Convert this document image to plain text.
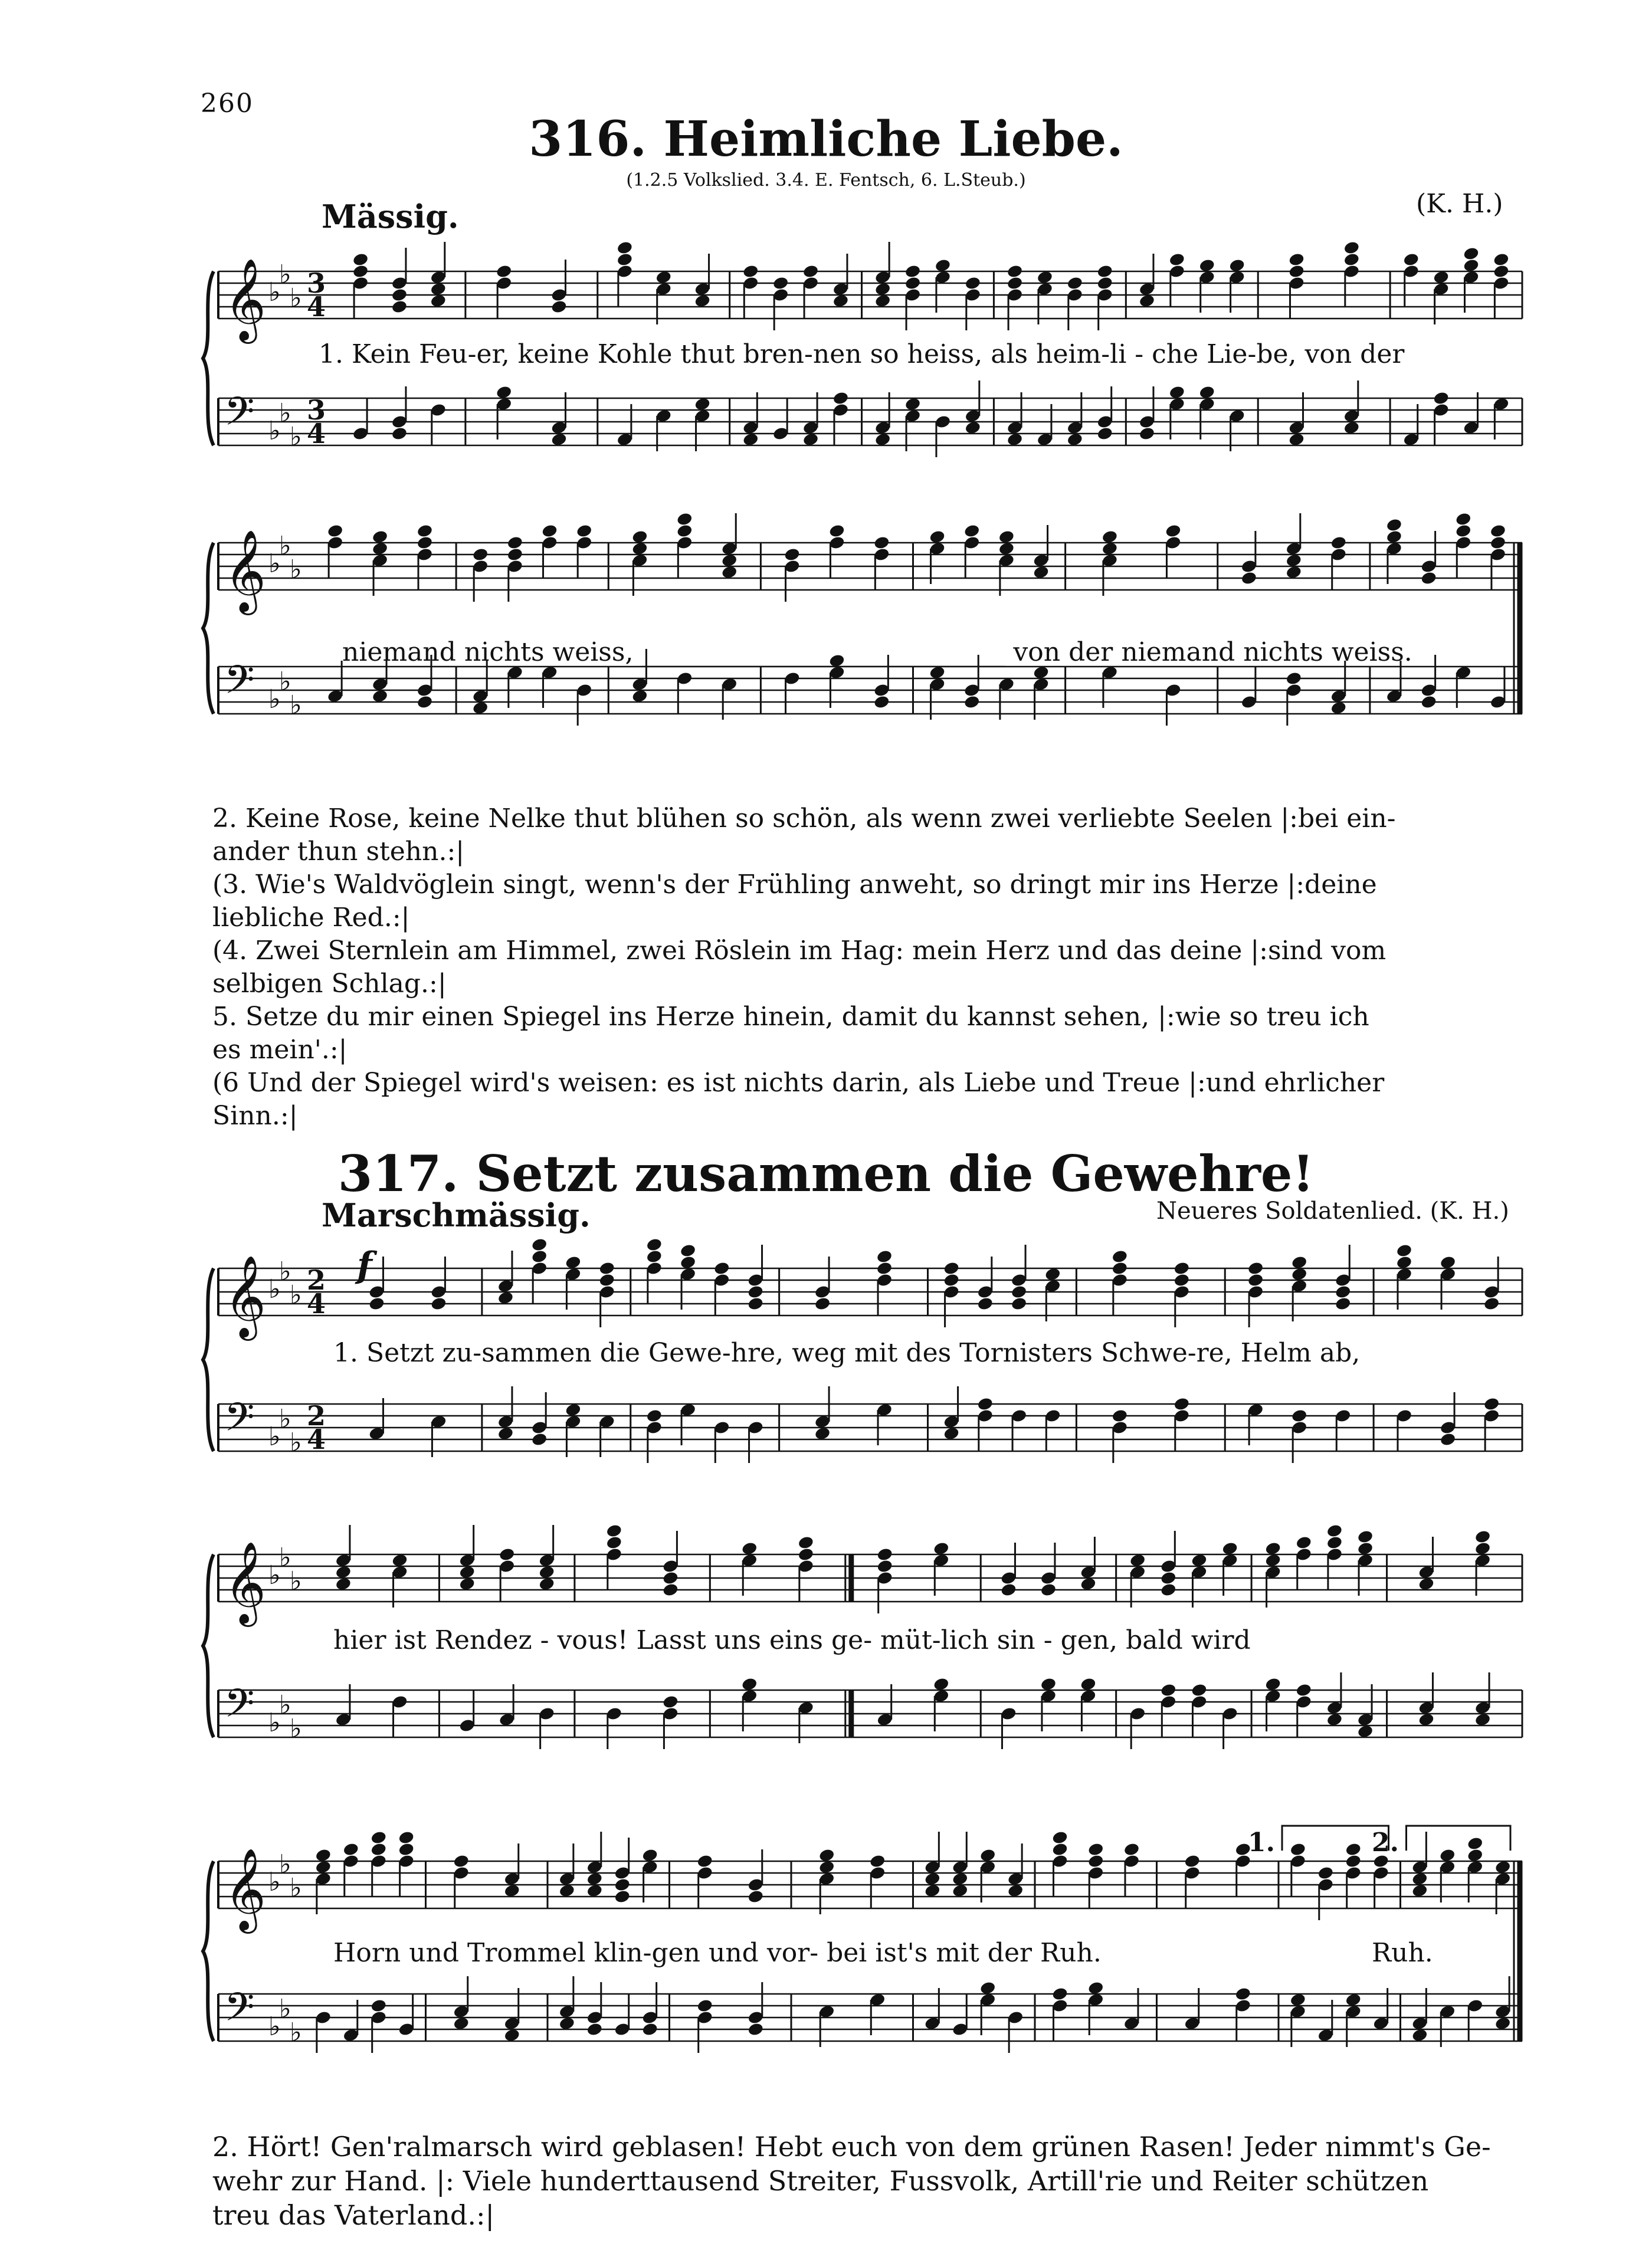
260
316. Heimliche Liebe.
(1.2.5 Volkslied. 3.4. E. Fentsch, 6. L.Steub.)
(K. H.)
Mässig.
𝄞 ♭
♭
♭ 3
4
𝄢 ♭
♭
♭
3
4
1. Kein Feu-er, keine Kohle thut bren-nen so heiss, als heim-li - che Lie-be, von der
𝄞 ♭
♭
♭
𝄢 ♭
♭
♭
niemand nichts weiss, ____________________________ von der niemand nichts weiss.

2. Keine Rose, keine Nelke thut blühen so schön, als wenn zwei verliebte Seelen |:bei ein-

ander thun stehn.:|

(3. Wie's Waldvöglein singt, wenn's der Frühling anweht, so dringt mir ins Herze |:deine

liebliche Red.:|

(4. Zwei Sternlein am Himmel, zwei Röslein im Hag: mein Herz und das deine |:sind vom

selbigen Schlag.:|

5. Setze du mir einen Spiegel ins Herze hinein, damit du kannst sehen, |:wie so treu ich

es mein'.:|

(6 Und der Spiegel wird's weisen: es ist nichts darin, als Liebe und Treue |:und ehrlicher

Sinn.:|

317. Setzt zusammen die Gewehre!
Marschmässig.	Neueres Soldatenlied. (K. H.)
𝄞 ♭
♭
♭ 2
4
𝄢 ♭
♭
♭
2
4
f
1. Setzt zu-sammen die Gewe-hre, weg mit des Tornisters Schwe-re, Helm ab,
𝄞 ♭
♭
♭
𝄢 ♭
♭
♭
hier ist Rendez - vous! Lasst uns eins ge- müt-lich sin - gen, bald wird
𝄞 ♭
♭
♭
𝄢 ♭
♭
♭
1.	2.
Horn und Trommel klin-gen und vor- bei ist's mit der Ruh.	Ruh.

2. Hört! Gen'ralmarsch wird geblasen! Hebt euch von dem grünen Rasen! Jeder nimmt's Ge-

wehr zur Hand. |: Viele hunderttausend Streiter, Fussvolk, Artill'rie und Reiter schützen

treu das Vaterland.:|
